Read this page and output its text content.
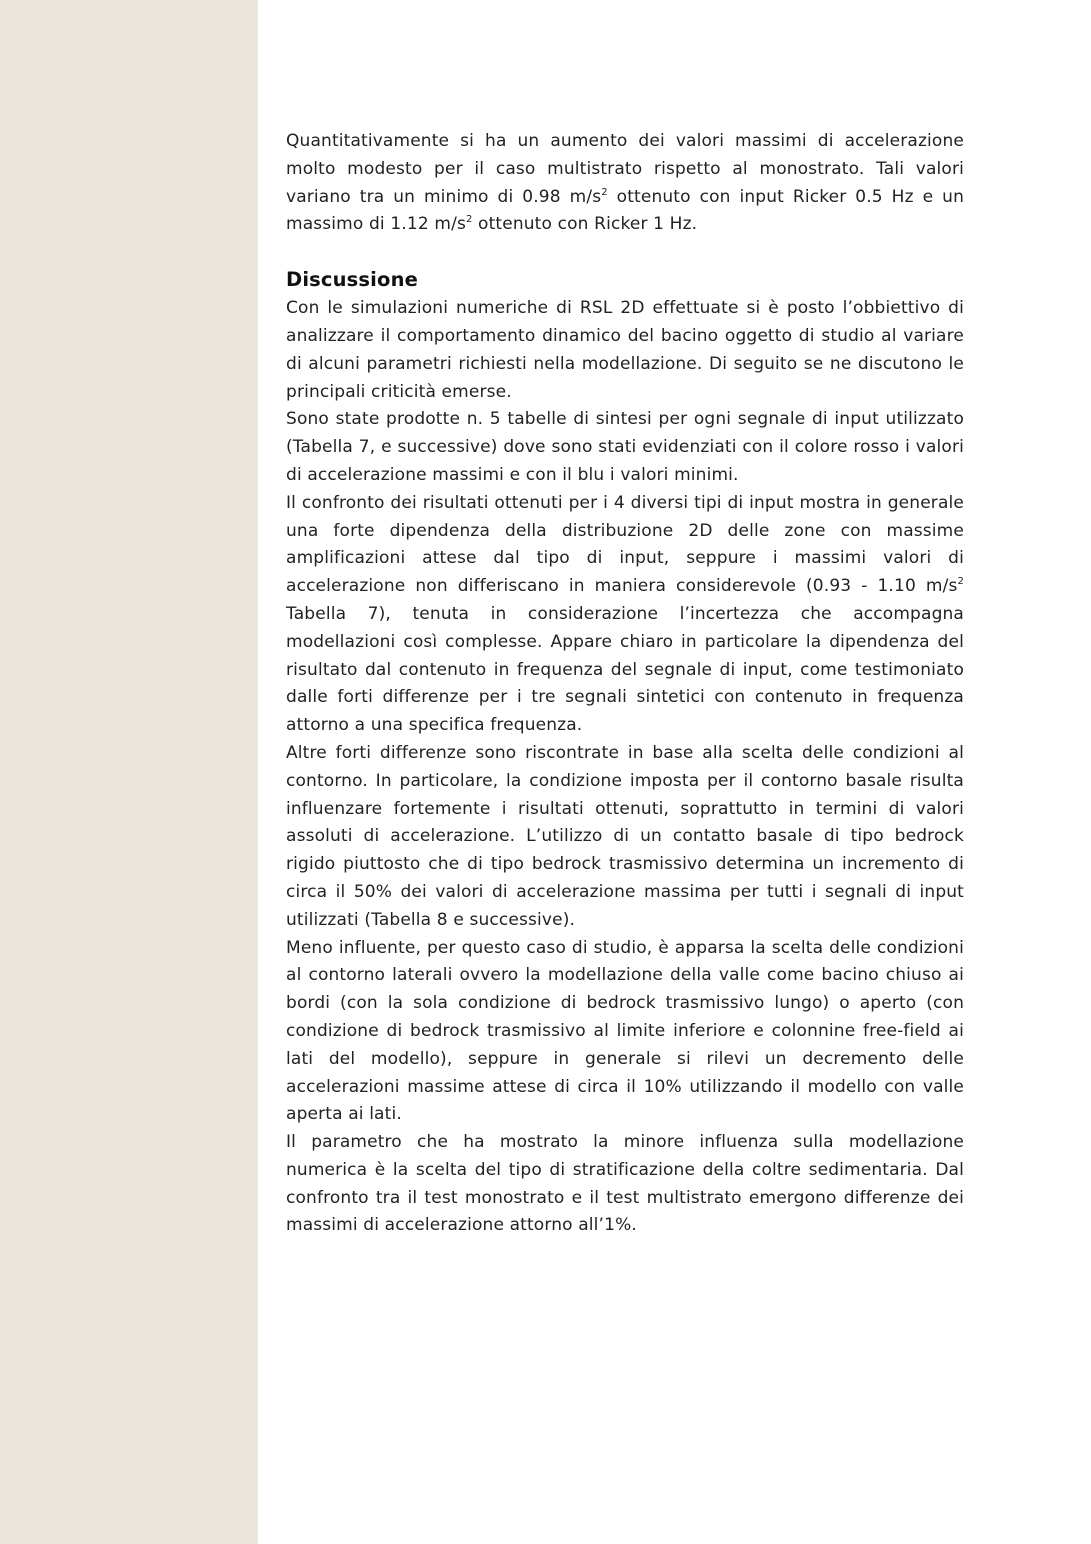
Quantitativamente si ha un aumento dei valori massimi di accelerazione molto modesto per il caso multistrato rispetto al monostrato. Tali valori variano tra un minimo di 0.98 $m/s^2$ ottenuto con input Ricker 0.5 Hz e un massimo di 1.12 $m/s^2$ ottenuto con Ricker 1 Hz.

Discussione

Con le simulazioni numeriche di RSL 2D effettuate si è posto l’obbiettivo di analizzare il comportamento dinamico del bacino oggetto di studio al variare di alcuni parametri richiesti nella modellazione. Di seguito se ne discutono le principali criticità emerse.

Sono state prodotte n. 5 tabelle di sintesi per ogni segnale di input utilizzato (Tabella 7, e successive) dove sono stati evidenziati con il colore rosso i valori di accelerazione massimi e con il blu i valori minimi.

Il confronto dei risultati ottenuti per i 4 diversi tipi di input mostra in generale una forte dipendenza della distribuzione 2D delle zone con massime amplificazioni attese dal tipo di input, seppure i massimi valori di accelerazione non differiscano in maniera considerevole (0.93 - 1.10 $m/s^2$ Tabella 7), tenuta in considerazione l’incertezza che accompagna modellazioni così complesse. Appare chiaro in particolare la dipendenza del risultato dal contenuto in frequenza del segnale di input, come testimoniato dalle forti differenze per i tre segnali sintetici con contenuto in frequenza attorno a una specifica frequenza.

Altre forti differenze sono riscontrate in base alla scelta delle condizioni al contorno. In particolare, la condizione imposta per il contorno basale risulta influenzare fortemente i risultati ottenuti, soprattutto in termini di valori assoluti di accelerazione. L’utilizzo di un contatto basale di tipo bedrock rigido piuttosto che di tipo bedrock trasmissivo determina un incremento di circa il 50% dei valori di accelerazione massima per tutti i segnali di input utilizzati (Tabella 8 e successive).

Meno influente, per questo caso di studio, è apparsa la scelta delle condizioni al contorno laterali ovvero la modellazione della valle come bacino chiuso ai bordi (con la sola condizione di bedrock trasmissivo lungo) o aperto (con condizione di bedrock trasmissivo al limite inferiore e colonnine free-field ai lati del modello), seppure in generale si rilevi un decremento delle accelerazioni massime attese di circa il 10% utilizzando il modello con valle aperta ai lati.

Il parametro che ha mostrato la minore influenza sulla modellazione numerica è la scelta del tipo di stratificazione della coltre sedimentaria. Dal confronto tra il test monostrato e il test multistrato emergono differenze dei massimi di accelerazione attorno all’1%.
